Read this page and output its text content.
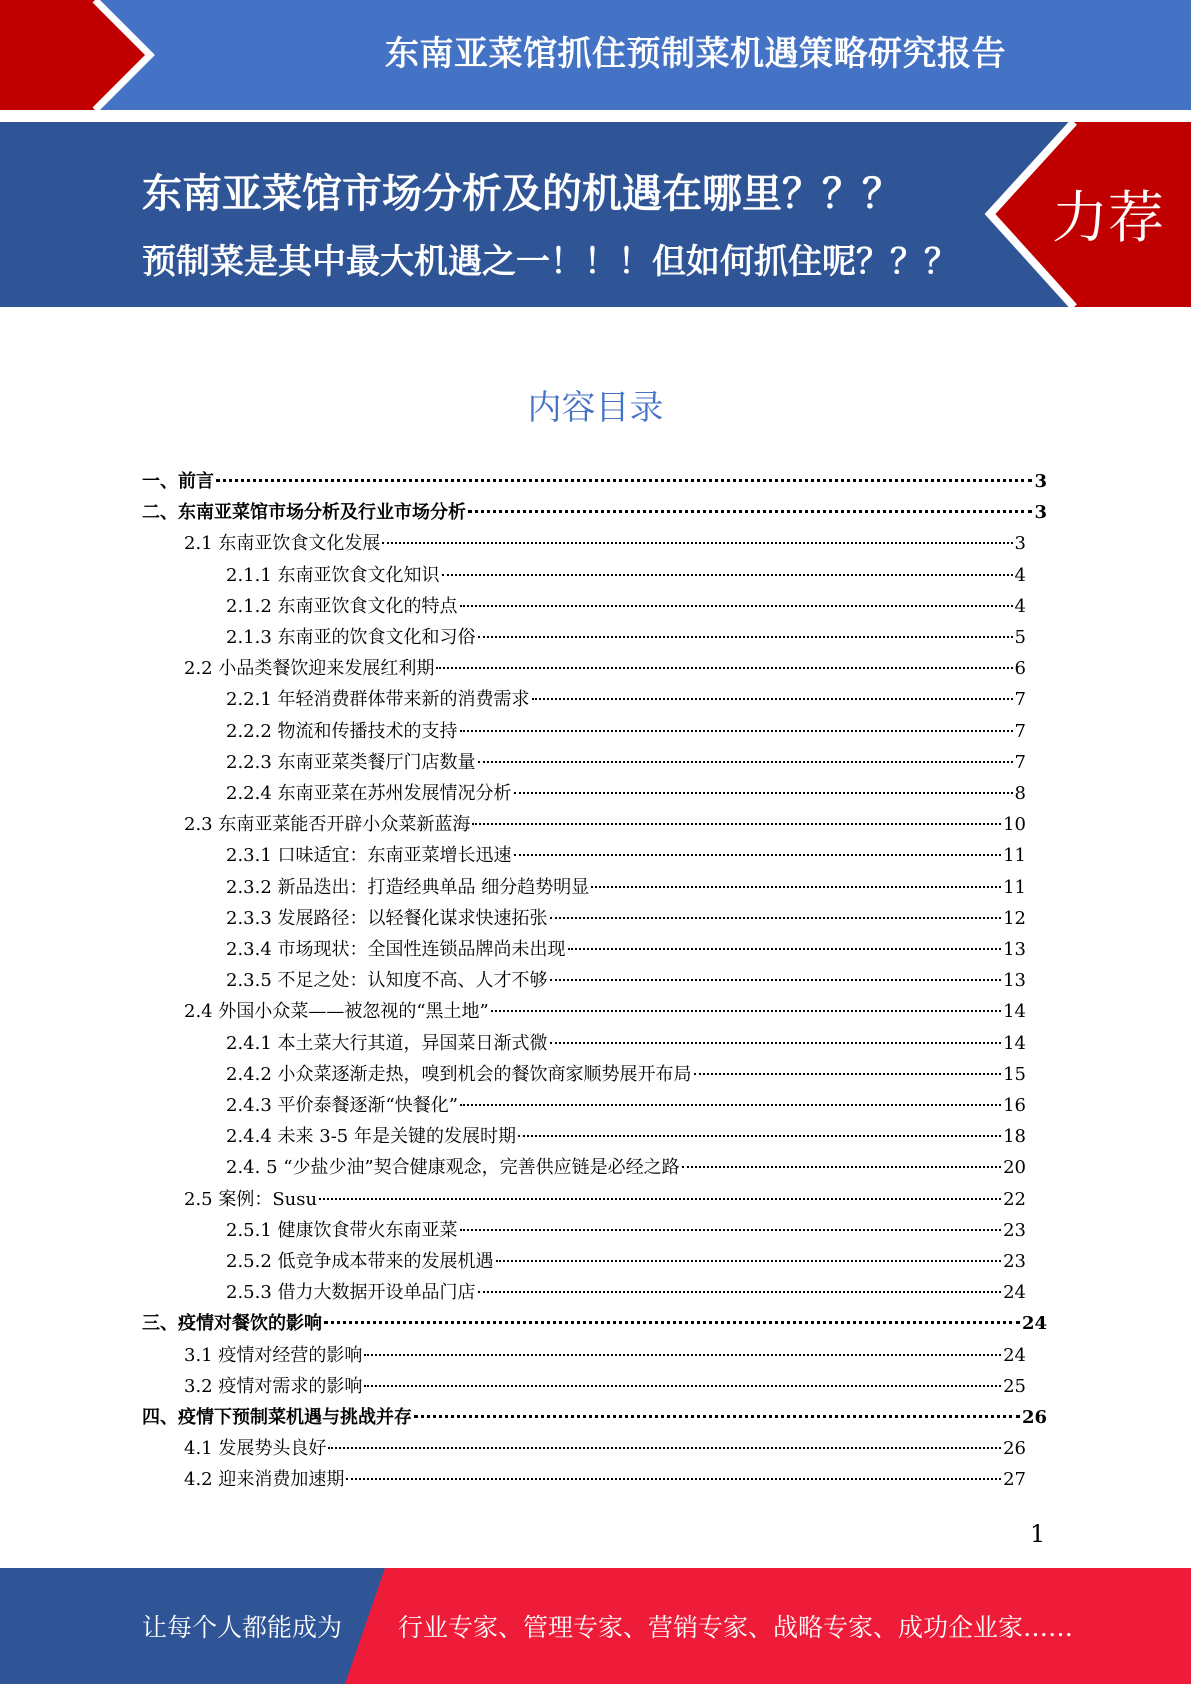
东南亚菜馆抓住预制菜机遇策略研究报告
东南亚菜馆市场分析及的机遇在哪里？？？
预制菜是其中最大机遇之一！！！但如何抓住呢？？？
力荐
内容目录
一、前言	3
二、东南亚菜馆市场分析及行业市场分析	3
2.1 东南亚饮食文化发展	3
2.1.1 东南亚饮食文化知识	4
2.1.2 东南亚饮食文化的特点	4
2.1.3 东南亚的饮食文化和习俗	5
2.2 小品类餐饮迎来发展红利期	6
2.2.1 年轻消费群体带来新的消费需求	7
2.2.2 物流和传播技术的支持	7
2.2.3 东南亚菜类餐厅门店数量	7
2.2.4 东南亚菜在苏州发展情况分析	8
2.3 东南亚菜能否开辟小众菜新蓝海	10
2.3.1 口味适宜：东南亚菜增长迅速	11
2.3.2 新品迭出：打造经典单品 细分趋势明显	11
2.3.3 发展路径：以轻餐化谋求快速拓张	12
2.3.4 市场现状：全国性连锁品牌尚未出现	13
2.3.5 不足之处：认知度不高、人才不够	13
2.4 外国小众菜——被忽视的“黑土地”	14
2.4.1 本土菜大行其道，异国菜日渐式微	14
2.4.2 小众菜逐渐走热，嗅到机会的餐饮商家顺势展开布局	15
2.4.3 平价泰餐逐渐“快餐化”	16
2.4.4 未来 3-5 年是关键的发展时期	18
2.4. 5 “少盐少油”契合健康观念，完善供应链是必经之路	20
2.5 案例：Susu	22
2.5.1 健康饮食带火东南亚菜	23
2.5.2 低竞争成本带来的发展机遇	23
2.5.3 借力大数据开设单品门店	24
三、疫情对餐饮的影响	24
3.1 疫情对经营的影响	24
3.2 疫情对需求的影响	25
四、疫情下预制菜机遇与挑战并存	26
4.1 发展势头良好	26
4.2 迎来消费加速期	27
1
让每个人都能成为 行业专家、管理专家、营销专家、战略专家、成功企业家……
